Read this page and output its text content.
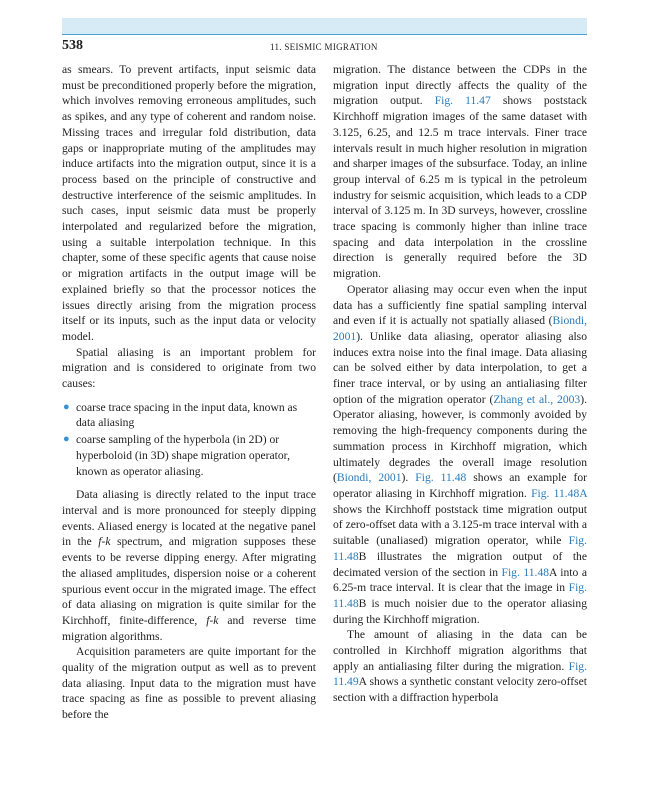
538	11. SEISMIC MIGRATION

as smears. To prevent artifacts, input seismic data must be preconditioned properly before the migration, which involves removing erroneous amplitudes, such as spikes, and any type of coherent and random noise. Missing traces and irregular fold distribution, data gaps or inappropriate muting of the amplitudes may induce artifacts into the migration output, since it is a process based on the principle of constructive and destructive interference of the seismic amplitudes. In such cases, input seismic data must be properly interpolated and regularized before the migration, using a suitable interpolation technique. In this chapter, some of these specific agents that cause noise or migration artifacts in the output image will be explained briefly so that the processor notices the issues directly arising from the migration process itself or its inputs, such as the input data or velocity model.

Spatial aliasing is an important problem for migration and is considered to originate from two causes:

● coarse trace spacing in the input data, known as data aliasing
● coarse sampling of the hyperbola (in 2D) or hyperboloid (in 3D) shape migration operator, known as operator aliasing.

Data aliasing is directly related to the input trace interval and is more pronounced for steeply dipping events. Aliased energy is located at the negative panel in the f-k spectrum, and migration supposes these events to be reverse dipping energy. After migrating the aliased amplitudes, dispersion noise or a coherent spurious event occur in the migrated image. The effect of data aliasing on migration is quite similar for the Kirchhoff, finite-difference, f-k and reverse time migration algorithms.

Acquisition parameters are quite important for the quality of the migration output as well as to prevent data aliasing. Input data to the migration must have trace spacing as fine as possible to prevent aliasing before the

migration. The distance between the CDPs in the migration input directly affects the quality of the migration output. Fig. 11.47 shows poststack Kirchhoff migration images of the same dataset with 3.125, 6.25, and 12.5 m trace intervals. Finer trace intervals result in much higher resolution in migration and sharper images of the subsurface. Today, an inline group interval of 6.25 m is typical in the petroleum industry for seismic acquisition, which leads to a CDP interval of 3.125 m. In 3D surveys, however, crossline trace spacing is commonly higher than inline trace spacing and data interpolation in the crossline direction is generally required before the 3D migration.

Operator aliasing may occur even when the input data has a sufficiently fine spatial sampling interval and even if it is actually not spatially aliased (Biondi, 2001). Unlike data aliasing, operator aliasing also induces extra noise into the final image. Data aliasing can be solved either by data interpolation, to get a finer trace interval, or by using an antialiasing filter option of the migration operator (Zhang et al., 2003). Operator aliasing, however, is commonly avoided by removing the high-frequency components during the summation process in Kirchhoff migration, which ultimately degrades the overall image resolution (Biondi, 2001). Fig. 11.48 shows an example for operator aliasing in Kirchhoff migration. Fig. 11.48A shows the Kirchhoff poststack time migration output of zero-offset data with a 3.125-m trace interval with a suitable (unaliased) migration operator, while Fig. 11.48B illustrates the migration output of the decimated version of the section in Fig. 11.48A into a 6.25-m trace interval. It is clear that the image in Fig. 11.48B is much noisier due to the operator aliasing during the Kirchhoff migration.

The amount of aliasing in the data can be controlled in Kirchhoff migration algorithms that apply an antialiasing filter during the migration. Fig. 11.49A shows a synthetic constant velocity zero-offset section with a diffraction hyperbola
